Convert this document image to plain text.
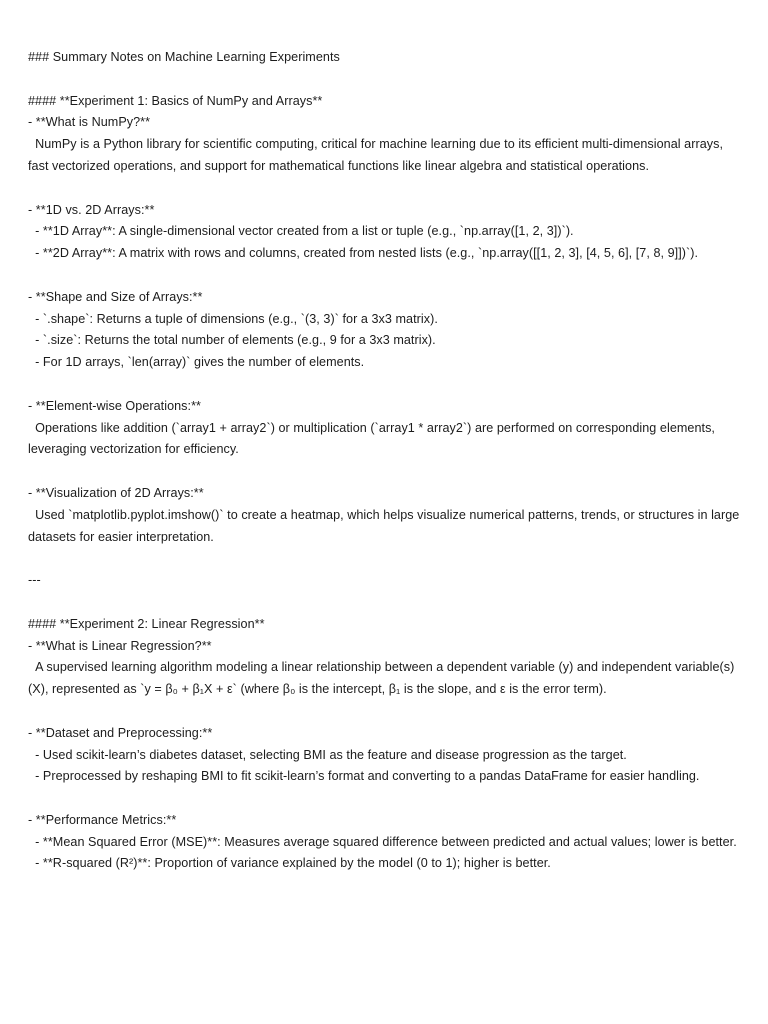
### Summary Notes on Machine Learning Experiments
#### **Experiment 1: Basics of NumPy and Arrays**
- **What is NumPy?**
NumPy is a Python library for scientific computing, critical for machine learning due to its efficient multi-dimensional arrays, fast vectorized operations, and support for mathematical functions like linear algebra and statistical operations.
- **1D vs. 2D Arrays:**
- **1D Array**: A single-dimensional vector created from a list or tuple (e.g., `np.array([1, 2, 3])`).
- **2D Array**: A matrix with rows and columns, created from nested lists (e.g., `np.array([[1, 2, 3], [4, 5, 6], [7, 8, 9]])`).
- **Shape and Size of Arrays:**
- `.shape`: Returns a tuple of dimensions (e.g., `(3, 3)` for a 3x3 matrix).
- `.size`: Returns the total number of elements (e.g., 9 for a 3x3 matrix).
- For 1D arrays, `len(array)` gives the number of elements.
- **Element-wise Operations:**
Operations like addition (`array1 + array2`) or multiplication (`array1 * array2`) are performed on corresponding elements, leveraging vectorization for efficiency.
- **Visualization of 2D Arrays:**
Used `matplotlib.pyplot.imshow()` to create a heatmap, which helps visualize numerical patterns, trends, or structures in large datasets for easier interpretation.
---
#### **Experiment 2: Linear Regression**
- **What is Linear Regression?**
A supervised learning algorithm modeling a linear relationship between a dependent variable (y) and independent variable(s) (X), represented as `y = β₀ + β₁X + ε` (where β₀ is the intercept, β₁ is the slope, and ε is the error term).
- **Dataset and Preprocessing:**
- Used scikit-learn’s diabetes dataset, selecting BMI as the feature and disease progression as the target.
- Preprocessed by reshaping BMI to fit scikit-learn’s format and converting to a pandas DataFrame for easier handling.
- **Performance Metrics:**
- **Mean Squared Error (MSE)**: Measures average squared difference between predicted and actual values; lower is better.
- **R-squared (R²)**: Proportion of variance explained by the model (0 to 1); higher is better.
